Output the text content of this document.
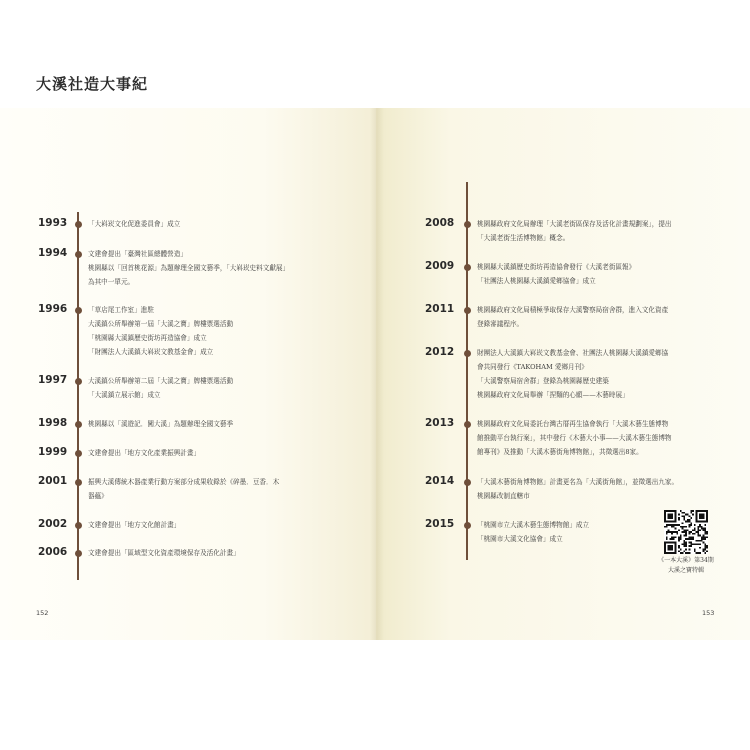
大溪社造大事紀
1993	「大嵙崁文化促進委員會」成立
1994	文建會提出「臺灣社區總體營造」
桃園縣以「回首桃花源」為題辦理全國文藝季，「大嵙崁史料文獻展」
為其中一單元。
1996	「草店尾工作室」進駐
大溪鎮公所舉辦第一屆「大溪之寶」牌樓票選活動
「桃園縣大溪鎮歷史街坊再造協會」成立
「財團法人大溪鎮大嵙崁文教基金會」成立
1997	大溪鎮公所舉辦第二屆「大溪之寶」牌樓票選活動
「大溪鎮立展示館」成立
1998	桃園縣以「溪遊記．闖大溪」為題辦理全國文藝季
1999	文建會提出「地方文化產業振興計畫」
2001	振興大溪傳統木器產業行動方案部分成果收錄於《碎墨．豆香．木
器蘊》
2002	文建會提出「地方文化館計畫」
2006	文建會提出「區域型文化資產環境保存及活化計畫」
2008	桃園縣政府文化局辦理「大溪老街區保存及活化計畫規劃案」，提出
「大溪老街生活博物館」概念。
2009	桃園縣大溪鎮歷史街坊再造協會發行《大溪老街區報》
「社團法人桃園縣大溪鎮愛鄉協會」成立
2011	桃園縣政府文化局積極爭取保存大溪警察局宿舍群，進入文化資產
登錄審議程序。
2012	財團法人大溪鎮大嵙崁文教基金會、社團法人桃園縣大溪鎮愛鄉協
會共同發行《TAKOHAM 愛鄉月刊》
「大溪警察局宿舍群」登錄為桃園縣歷史建築
桃園縣政府文化局舉辦「捏麵的心願——木藝時展」
2013	桃園縣政府文化局委託台灣古厝再生協會執行「大溪木藝生態博物
館推動平台執行案」，其中發行《木藝大小事——大溪木藝生態博物
館專刊》及推動「大溪木藝街角博物館」，共徵選出8家。
2014	「大溪木藝街角博物館」計畫更名為「大溪街角館」，並徵選出九家。
桃園縣改制直轄市
2015	「桃園市立大溪木藝生態博物館」成立
「桃園市大溪文化協會」成立
152	153
《一本大溪》第34期
大溪之寶特輯
